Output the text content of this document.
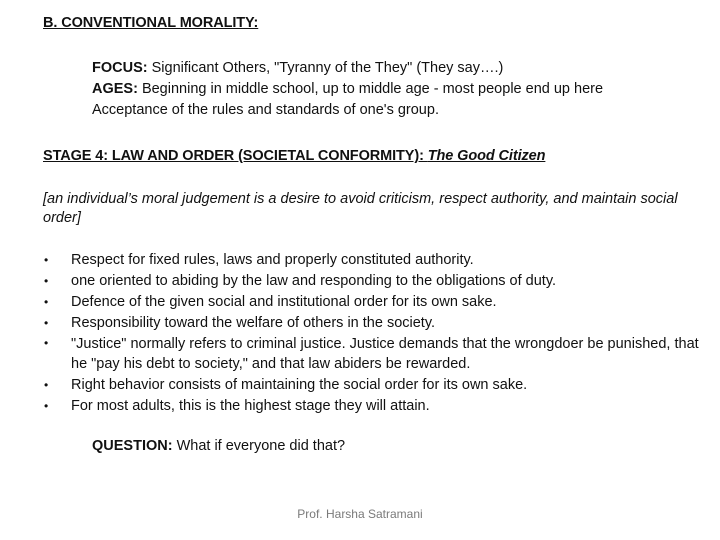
B. CONVENTIONAL MORALITY:
FOCUS: Significant Others, "Tyranny of the They" (They say….)
AGES: Beginning in middle school, up to middle age - most people end up here
Acceptance of the rules and standards of one's group.
STAGE 4: LAW AND ORDER (SOCIETAL CONFORMITY): The Good Citizen
[an individual’s moral judgement is a desire to avoid criticism, respect authority, and maintain social order]
• Respect for fixed rules, laws and properly constituted authority.
• one oriented to abiding by the law and responding to the obligations of duty.
• Defence of the given social and institutional order for its own sake.
• Responsibility toward the welfare of others in the society.
• "Justice" normally refers to criminal justice. Justice demands that the wrongdoer be punished, that he "pay his debt to society," and that law abiders be rewarded.
• Right behavior consists of maintaining the social order for its own sake.
• For most adults, this is the highest stage they will attain.
QUESTION: What if everyone did that?
Prof. Harsha Satramani
